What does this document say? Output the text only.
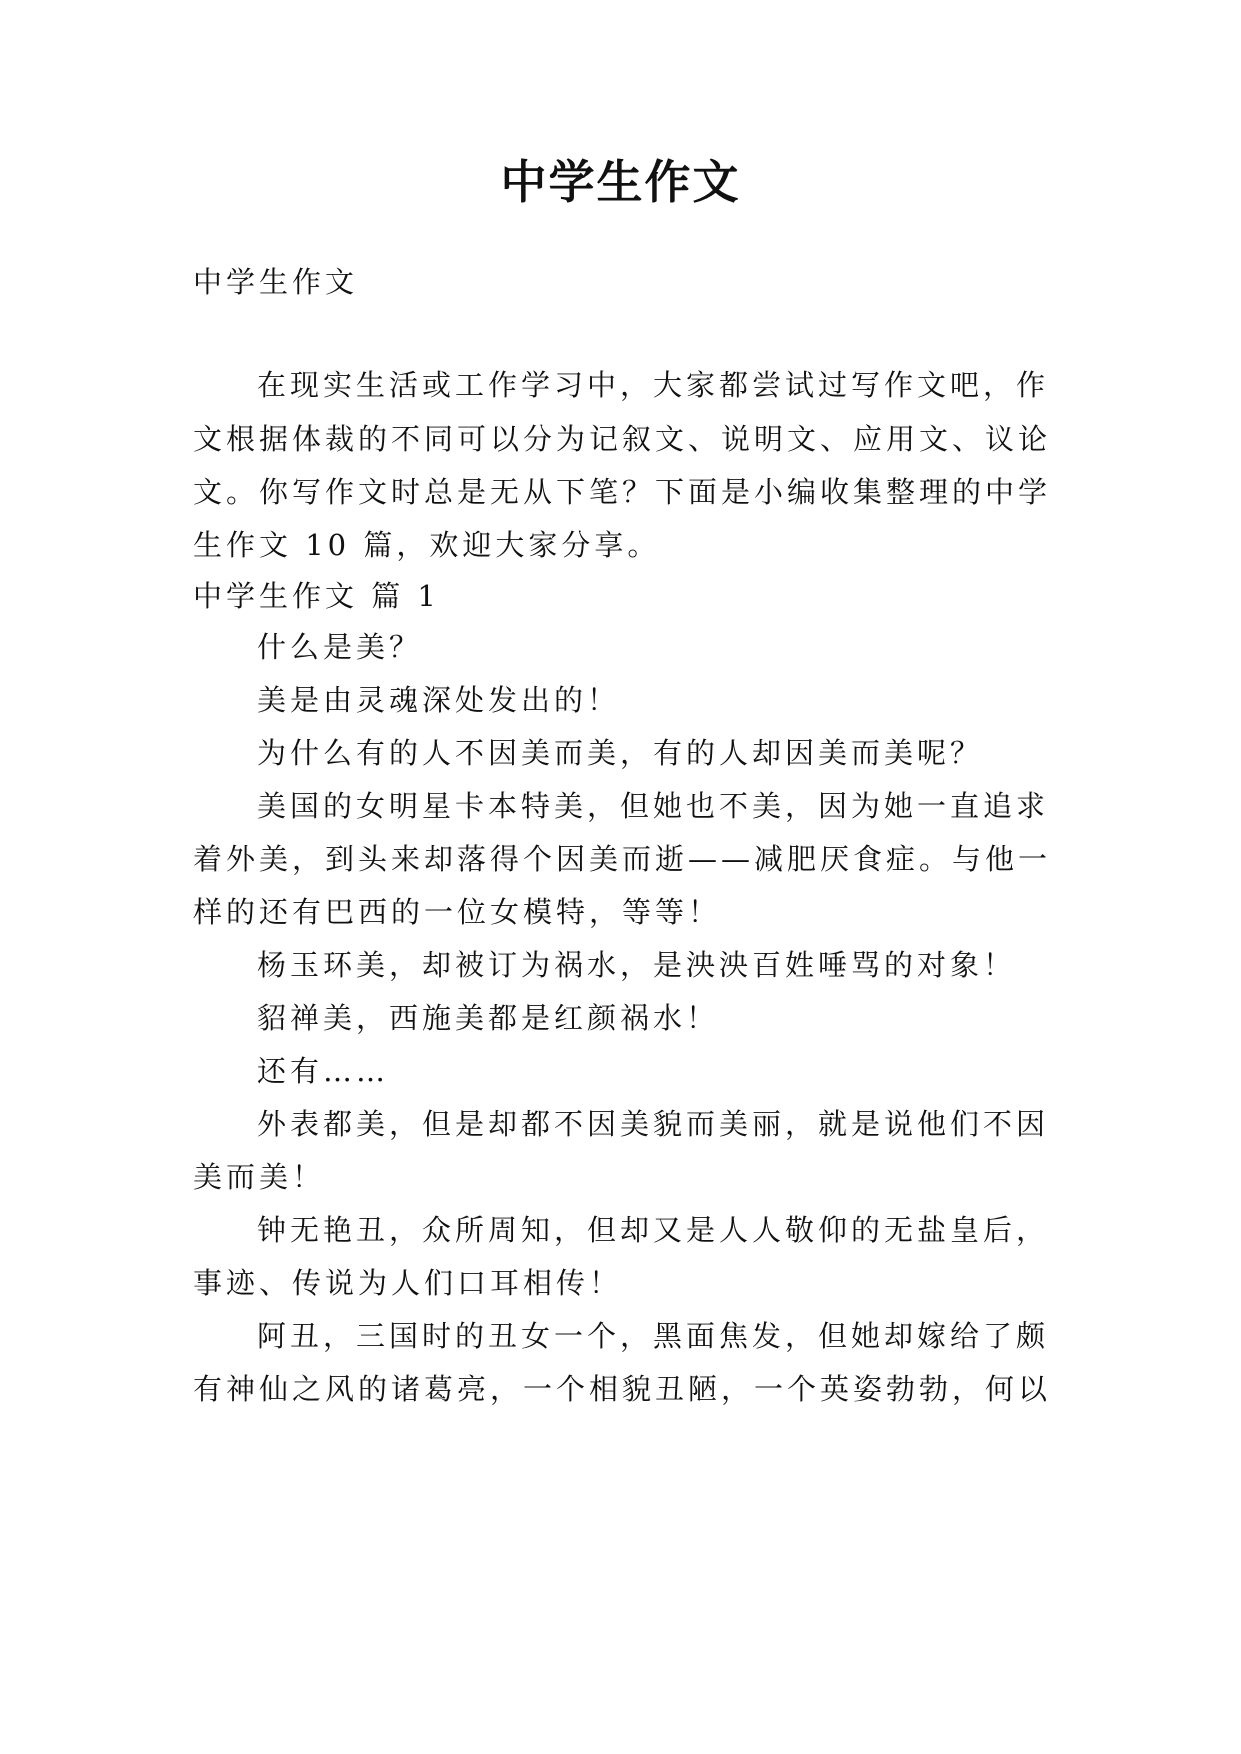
中学生作文
中学生作文
在现实生活或工作学习中，大家都尝试过写作文吧，作
文根据体裁的不同可以分为记叙文、说明文、应用文、议论
文。你写作文时总是无从下笔？下面是小编收集整理的中学
生作文 10 篇，欢迎大家分享。
中学生作文 篇 1
什么是美？
美是由灵魂深处发出的！
为什么有的人不因美而美，有的人却因美而美呢？
美国的女明星卡本特美，但她也不美，因为她一直追求
着外美，到头来却落得个因美而逝——减肥厌食症。与他一
样的还有巴西的一位女模特，等等！
杨玉环美，却被订为祸水，是泱泱百姓唾骂的对象！
貂禅美，西施美都是红颜祸水！
还有……
外表都美，但是却都不因美貌而美丽，就是说他们不因
美而美！
钟无艳丑，众所周知，但却又是人人敬仰的无盐皇后，
事迹、传说为人们口耳相传！
阿丑，三国时的丑女一个，黑面焦发，但她却嫁给了颇
有神仙之风的诸葛亮，一个相貌丑陋，一个英姿勃勃，何以
